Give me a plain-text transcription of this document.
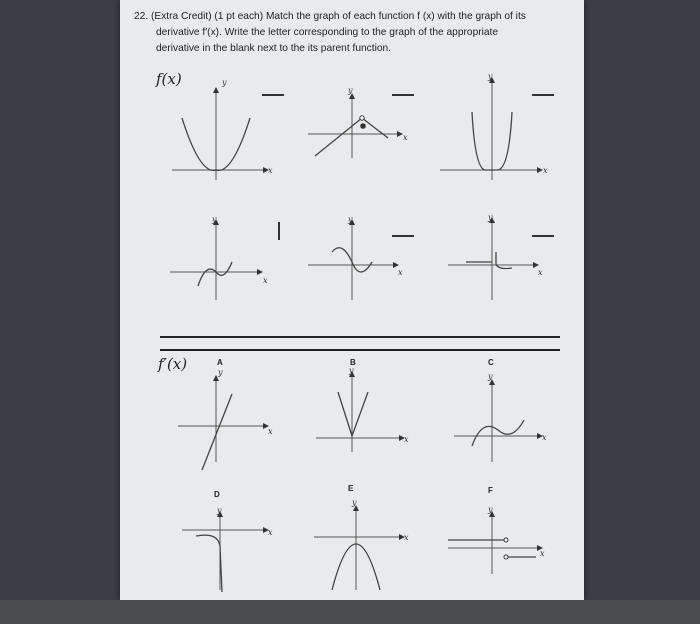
22. (Extra Credit) (1 pt each) Match the graph of each function f (x) with the graph of its
derivative f′(x). Write the letter corresponding to the graph of the appropriate
derivative in the blank next to the its parent function.
f(x)
f′(x)	A	B	C
D
E	F
y
y
y
y	y	y
y	y
y
y
y
y
x
x
x
x
x	x
x
x	x
x
x
x
